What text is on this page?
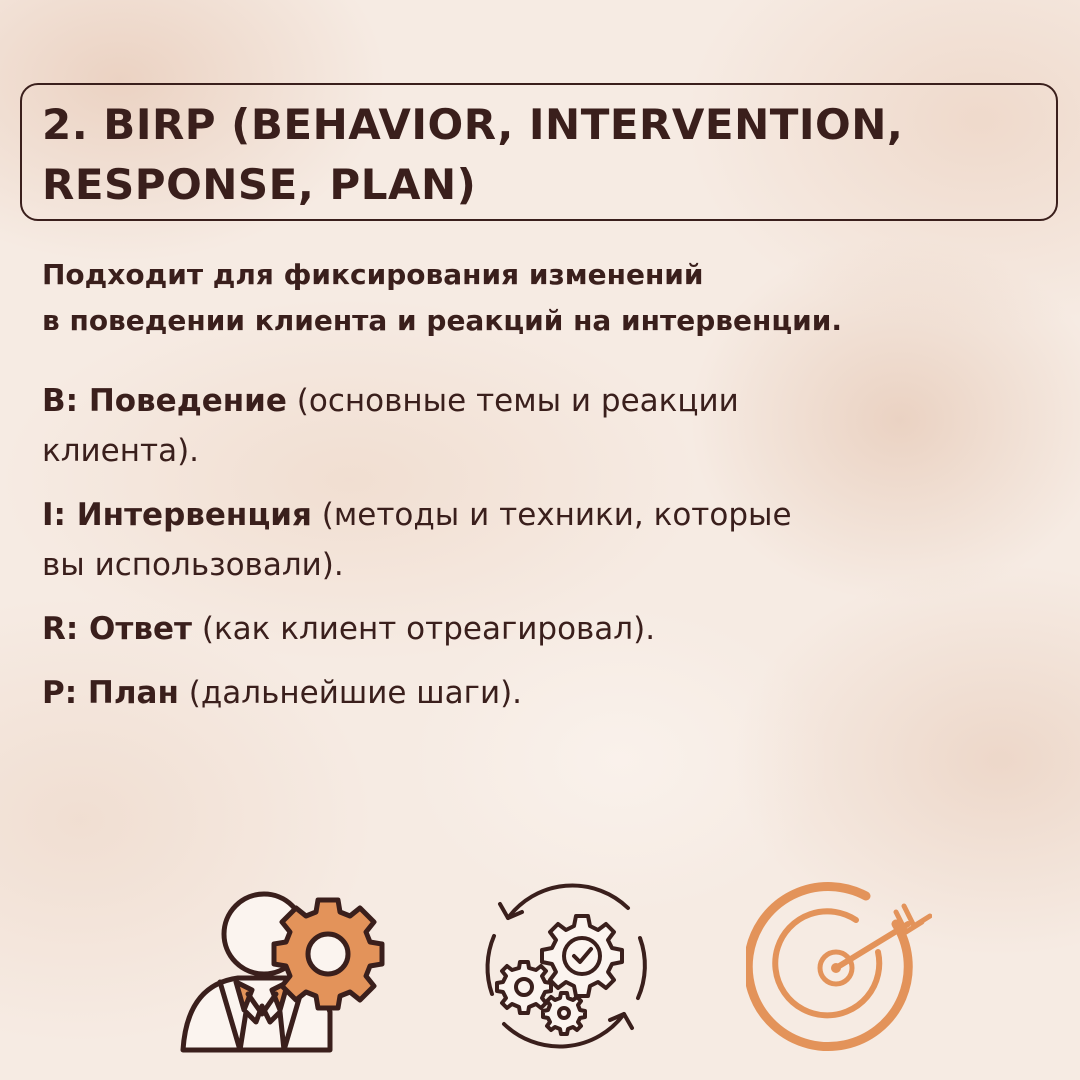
2. BIRP (BEHAVIOR, INTERVENTION,
RESPONSE, PLAN)

Подходит для фиксирования изменений
в поведении клиента и реакций на интервенции.

B: Поведение (основные темы и реакции
клиента).

I: Интервенция (методы и техники, которые
вы использовали).

R: Ответ (как клиент отреагировал).

P: План (дальнейшие шаги).
